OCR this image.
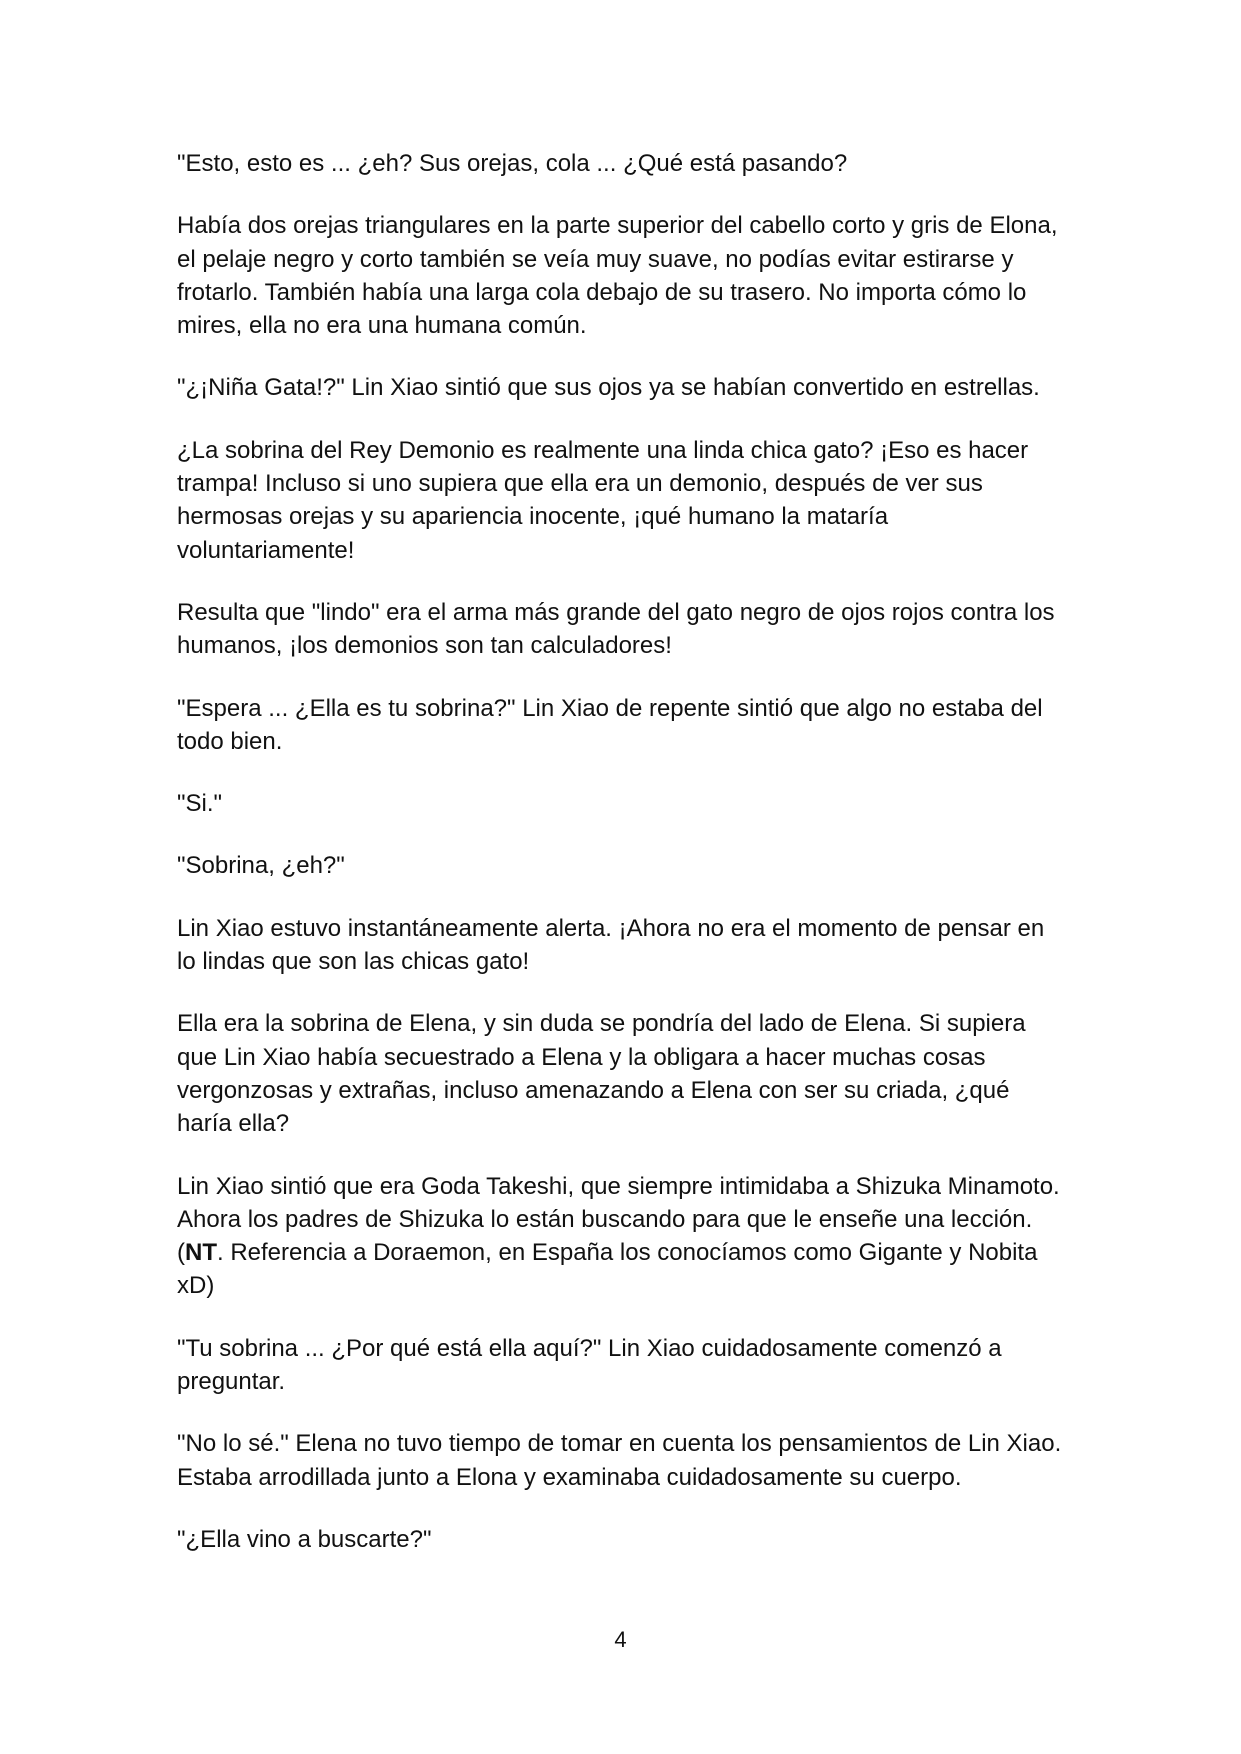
"Esto, esto es ... ¿eh? Sus orejas, cola ... ¿Qué está pasando?

Había dos orejas triangulares en la parte superior del cabello corto y gris de Elona, el pelaje negro y corto también se veía muy suave, no podías evitar estirarse y frotarlo. También había una larga cola debajo de su trasero. No importa cómo lo mires, ella no era una humana común.

"¿¡Niña Gata!?" Lin Xiao sintió que sus ojos ya se habían convertido en estrellas.

¿La sobrina del Rey Demonio es realmente una linda chica gato? ¡Eso es hacer trampa! Incluso si uno supiera que ella era un demonio, después de ver sus hermosas orejas y su apariencia inocente, ¡qué humano la mataría voluntariamente!

Resulta que "lindo" era el arma más grande del gato negro de ojos rojos contra los humanos, ¡los demonios son tan calculadores!

"Espera ... ¿Ella es tu sobrina?" Lin Xiao de repente sintió que algo no estaba del todo bien.

"Si."

"Sobrina, ¿eh?"

Lin Xiao estuvo instantáneamente alerta. ¡Ahora no era el momento de pensar en lo lindas que son las chicas gato!

Ella era la sobrina de Elena, y sin duda se pondría del lado de Elena. Si supiera que Lin Xiao había secuestrado a Elena y la obligara a hacer muchas cosas vergonzosas y extrañas, incluso amenazando a Elena con ser su criada, ¿qué haría ella?

Lin Xiao sintió que era Goda Takeshi, que siempre intimidaba a Shizuka Minamoto. Ahora los padres de Shizuka lo están buscando para que le enseñe una lección. (NT. Referencia a Doraemon, en España los conocíamos como Gigante y Nobita xD)

"Tu sobrina ... ¿Por qué está ella aquí?" Lin Xiao cuidadosamente comenzó a preguntar.

"No lo sé." Elena no tuvo tiempo de tomar en cuenta los pensamientos de Lin Xiao. Estaba arrodillada junto a Elona y examinaba cuidadosamente su cuerpo.

"¿Ella vino a buscarte?"

4
